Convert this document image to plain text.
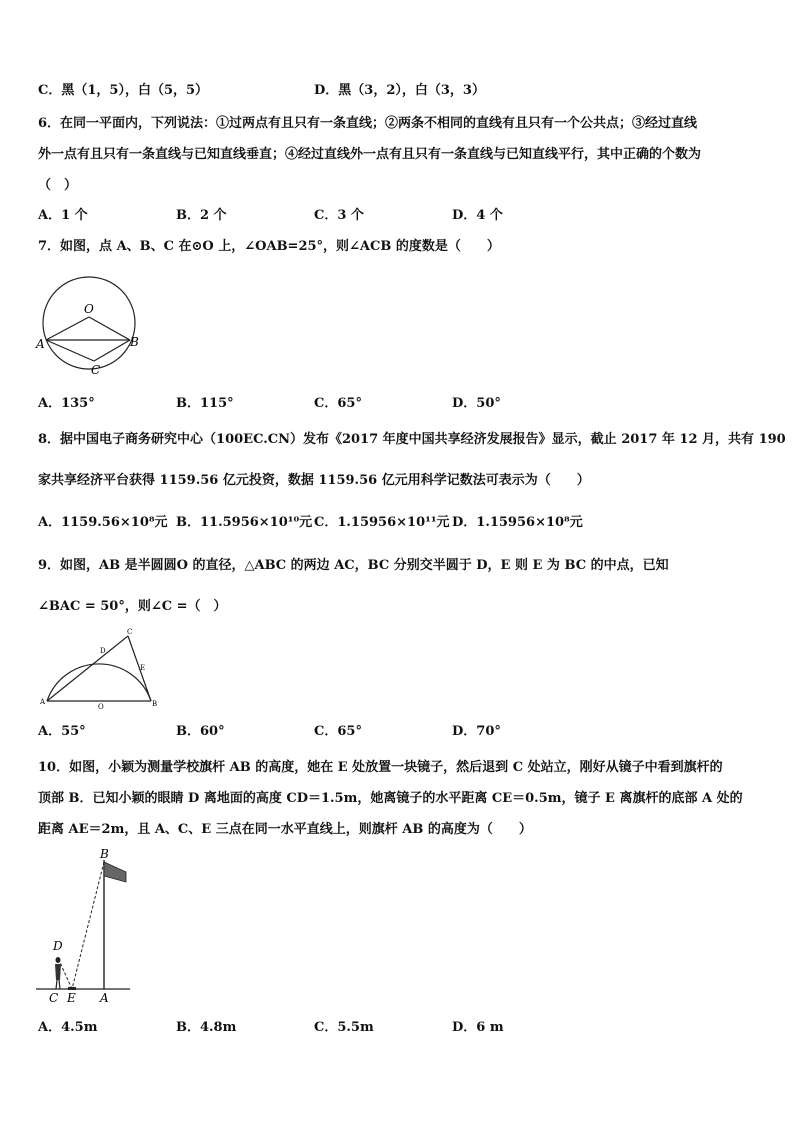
C．黑（1，5），白（5，5）	D．黑（3，2），白（3，3）
6．在同一平面内，下列说法：①过两点有且只有一条直线；②两条不相同的直线有且只有一个公共点；③经过直线
外一点有且只有一条直线与已知直线垂直；④经过直线外一点有且只有一条直线与已知直线平行，其中正确的个数为
（　）
A．1 个	B．2 个	C．3 个	D．4 个
7．如图，点 A、B、C 在⊙O 上，∠OAB=25°，则∠ACB 的度数是（　　）
O
A	B
C
A．135°	B．115°	C．65°	D．50°
8．据中国电子商务研究中心（100EC.CN）发布《2017 年度中国共享经济发展报告》显示，截止 2017 年 12 月，共有 190
家共享经济平台获得 1159.56 亿元投资，数据 1159.56 亿元用科学记数法可表示为（　　）
A．1159.56×10⁸元 B．11.5956×10¹⁰元 C．1.15956×10¹¹元 D．1.15956×10⁸元
9．如图，AB 是半圆圆O 的直径，△ABC 的两边 AC，BC 分别交半圆于 D，E 则 E 为 BC 的中点，已知
∠BAC = 50°，则∠C =（　）
A	B
C
D
E
O
A．55°	B．60°	C．65°	D．70°
10．如图，小颖为测量学校旗杆 AB 的高度，她在 E 处放置一块镜子，然后退到 C 处站立，刚好从镜子中看到旗杆的
顶部 B．已知小颖的眼睛 D 离地面的高度 CD＝1.5m，她离镜子的水平距离 CE＝0.5m，镜子 E 离旗杆的底部 A 处的
距离 AE＝2m，且 A、C、E 三点在同一水平直线上，则旗杆 AB 的高度为（　　）
B
D
C E A
A．4.5m	B．4.8m	C．5.5m	D．6 m
